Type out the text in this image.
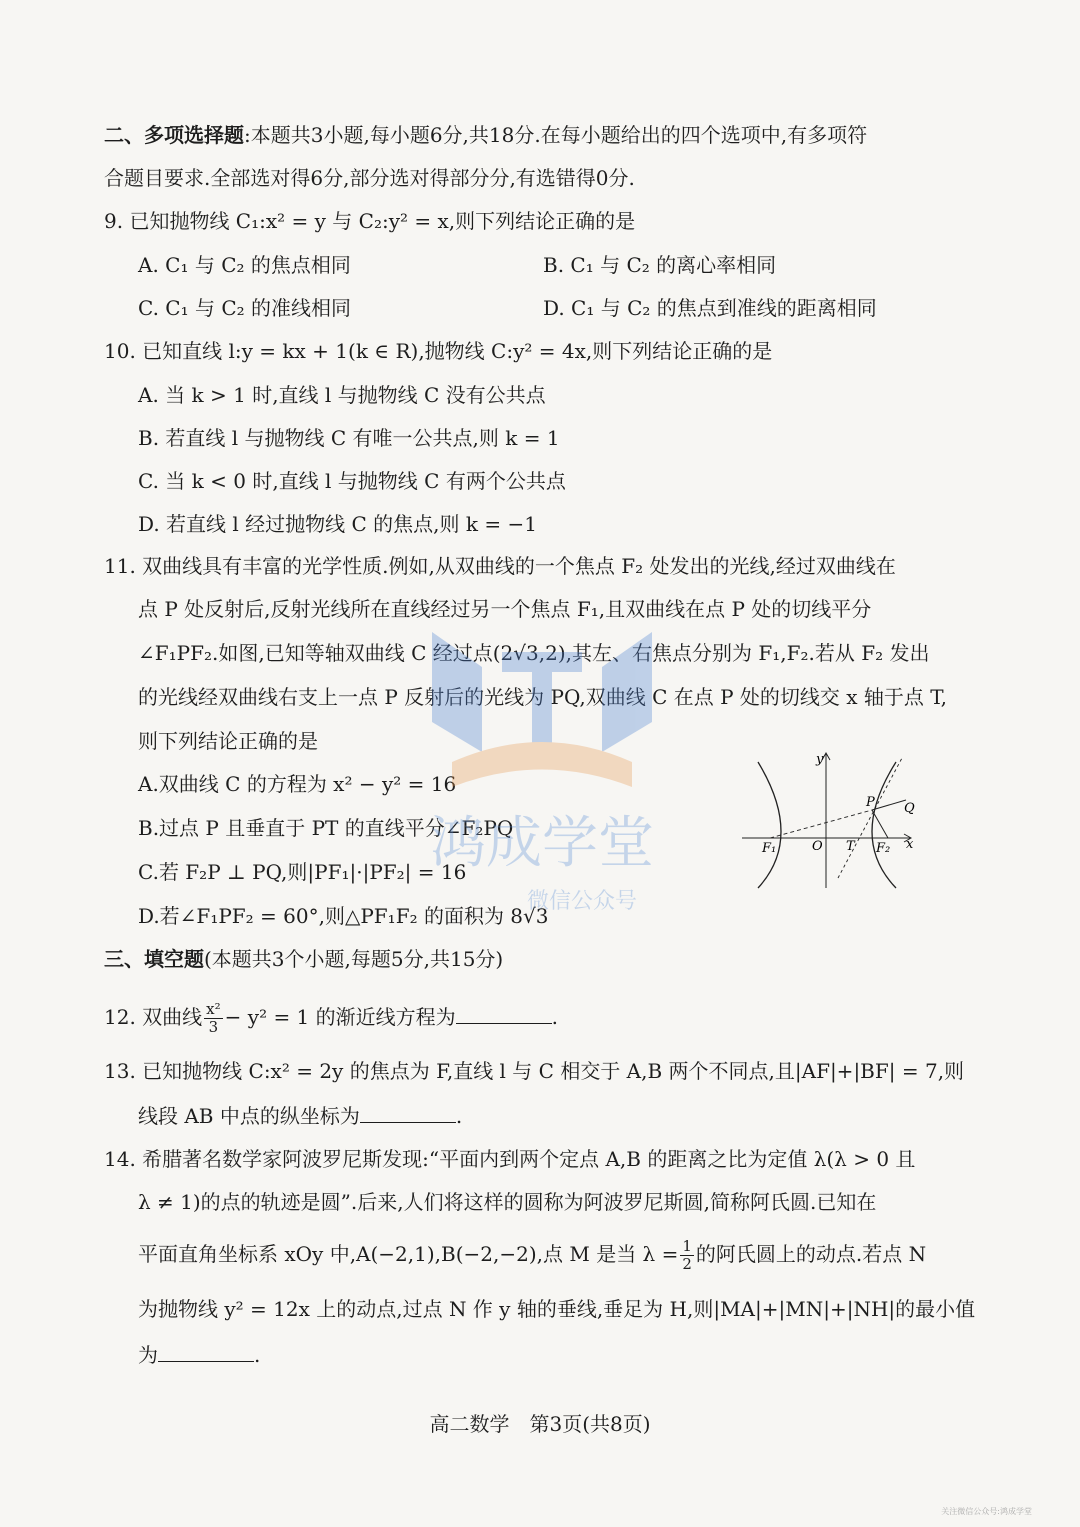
二、多项选择题:本题共3小题,每小题6分,共18分.在每小题给出的四个选项中,有多项符
合题目要求.全部选对得6分,部分选对得部分分,有选错得0分.
9. 已知抛物线 C₁:x² = y 与 C₂:y² = x,则下列结论正确的是
A. C₁ 与 C₂ 的焦点相同	B. C₁ 与 C₂ 的离心率相同
C. C₁ 与 C₂ 的准线相同	D. C₁ 与 C₂ 的焦点到准线的距离相同
10. 已知直线 l:y = kx + 1(k ∈ R),抛物线 C:y² = 4x,则下列结论正确的是
A. 当 k > 1 时,直线 l 与抛物线 C 没有公共点
B. 若直线 l 与抛物线 C 有唯一公共点,则 k = 1
C. 当 k < 0 时,直线 l 与抛物线 C 有两个公共点
D. 若直线 l 经过抛物线 C 的焦点,则 k = −1
11. 双曲线具有丰富的光学性质.例如,从双曲线的一个焦点 F₂ 处发出的光线,经过双曲线在
点 P 处反射后,反射光线所在直线经过另一个焦点 F₁,且双曲线在点 P 处的切线平分
∠F₁PF₂.如图,已知等轴双曲线 C 经过点(2√3,2),其左、右焦点分别为 F₁,F₂.若从 F₂ 发出
的光线经双曲线右支上一点 P 反射后的光线为 PQ,双曲线 C 在点 P 处的切线交 x 轴于点 T,
则下列结论正确的是
A.双曲线 C 的方程为 x² − y² = 16
B.过点 P 且垂直于 PT 的直线平分∠F₂PQ
C.若 F₂P ⊥ PQ,则|PF₁|·|PF₂| = 16
D.若∠F₁PF₂ = 60°,则△PF₁F₂ 的面积为 8√3
y
x
O
F₁	F₂
T
P Q
鸿成学堂
微信公众号
三、填空题(本题共3个小题,每题5分,共15分)
12. 双曲线 $\frac{\text{x²}}{3} - y^2 = 1$ 的渐近线方程为	.
13. 已知抛物线 C:x² = 2y 的焦点为 F,直线 l 与 C 相交于 A,B 两个不同点,且|AF|+|BF| = 7,则
线段 AB 中点的纵坐标为	.
14. 希腊著名数学家阿波罗尼斯发现:“平面内到两个定点 A,B 的距离之比为定值 λ(λ > 0 且
λ ≠ 1)的点的轨迹是圆”.后来,人们将这样的圆称为阿波罗尼斯圆,简称阿氏圆.已知在
平面直角坐标系 xOy 中,A(−2,1),B(−2,−2),点 M 是当 $\lambda = \frac{1}{2}$ 的阿氏圆上的动点.若点 N
为抛物线 y² = 12x 上的动点,过点 N 作 y 轴的垂线,垂足为 H,则|MA|+|MN|+|NH|的最小值
为	.
高二数学　第3页(共8页)
关注微信公众号:鸿成学堂
